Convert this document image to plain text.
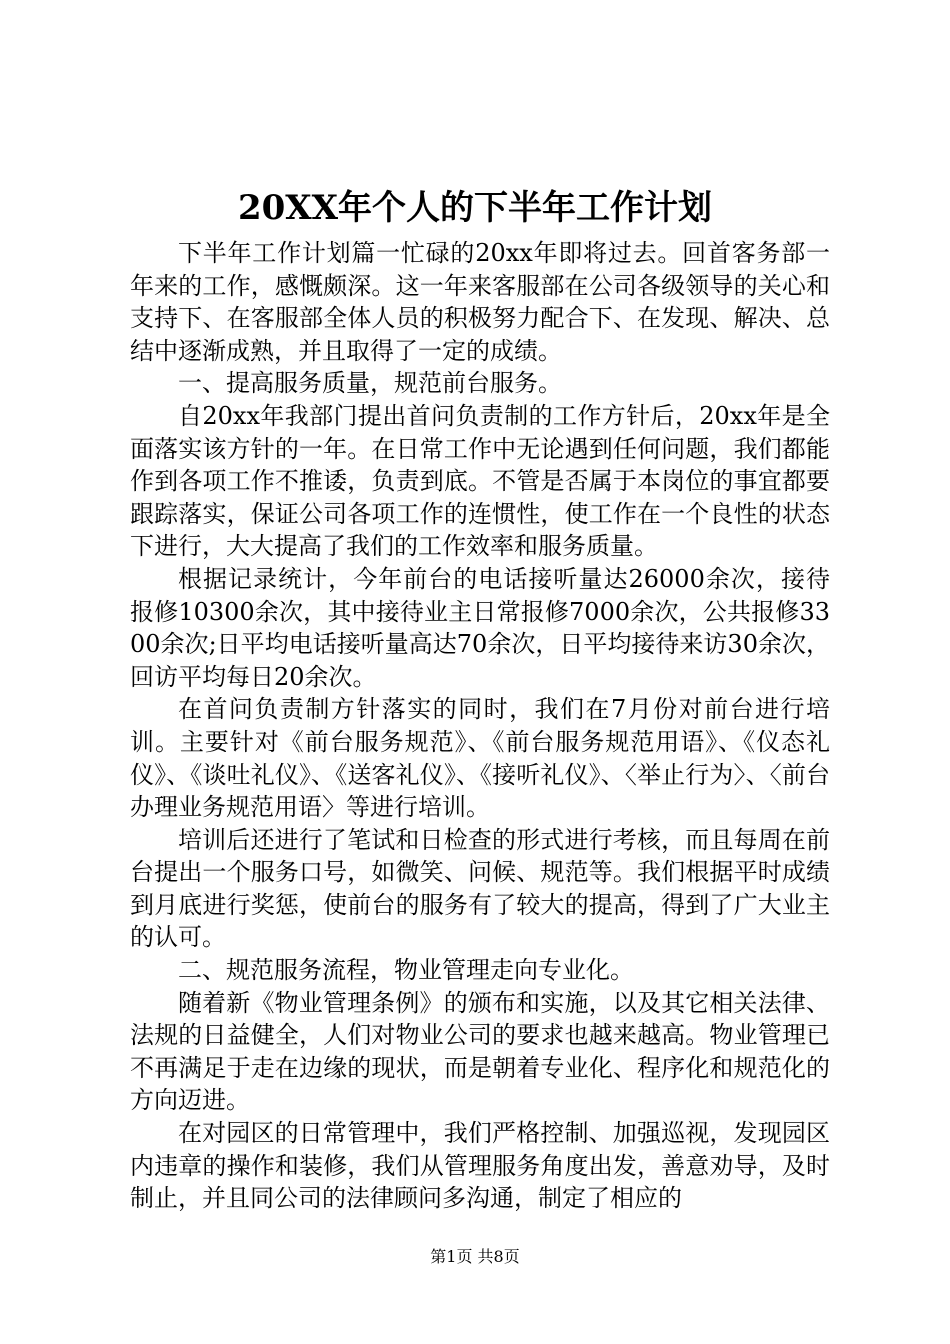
20XX年个人的下半年工作计划

下半年工作计划篇一忙碌的20xx年即将过去。回首客务部一年来的工作，感慨颇深。这一年来客服部在公司各级领导的关心和支持下、在客服部全体人员的积极努力配合下、在发现、解决、总结中逐渐成熟，并且取得了一定的成绩。

一、提高服务质量，规范前台服务。

自20xx年我部门提出首问负责制的工作方针后，20xx年是全面落实该方针的一年。在日常工作中无论遇到任何问题，我们都能作到各项工作不推诿，负责到底。不管是否属于本岗位的事宜都要跟踪落实，保证公司各项工作的连惯性，使工作在一个良性的状态下进行，大大提高了我们的工作效率和服务质量。

根据记录统计，今年前台的电话接听量达26000余次，接待报修10300余次，其中接待业主日常报修7000余次，公共报修3300余次;日平均电话接听量高达70余次，日平均接待来访30余次，回访平均每日20余次。

在首问负责制方针落实的同时，我们在7月份对前台进行培训。主要针对《前台服务规范》、《前台服务规范用语》、《仪态礼仪》、《谈吐礼仪》、《送客礼仪》、《接听礼仪》、〈举止行为〉、〈前台办理业务规范用语〉等进行培训。

培训后还进行了笔试和日检查的形式进行考核，而且每周在前台提出一个服务口号，如微笑、问候、规范等。我们根据平时成绩到月底进行奖惩，使前台的服务有了较大的提高，得到了广大业主的认可。

二、规范服务流程，物业管理走向专业化。

随着新《物业管理条例》的颁布和实施，以及其它相关法律、法规的日益健全，人们对物业公司的要求也越来越高。物业管理已不再满足于走在边缘的现状，而是朝着专业化、程序化和规范化的方向迈进。

在对园区的日常管理中，我们严格控制、加强巡视，发现园区内违章的操作和装修，我们从管理服务角度出发，善意劝导，及时制止，并且同公司的法律顾问多沟通，制定了相应的

第1页 共8页
